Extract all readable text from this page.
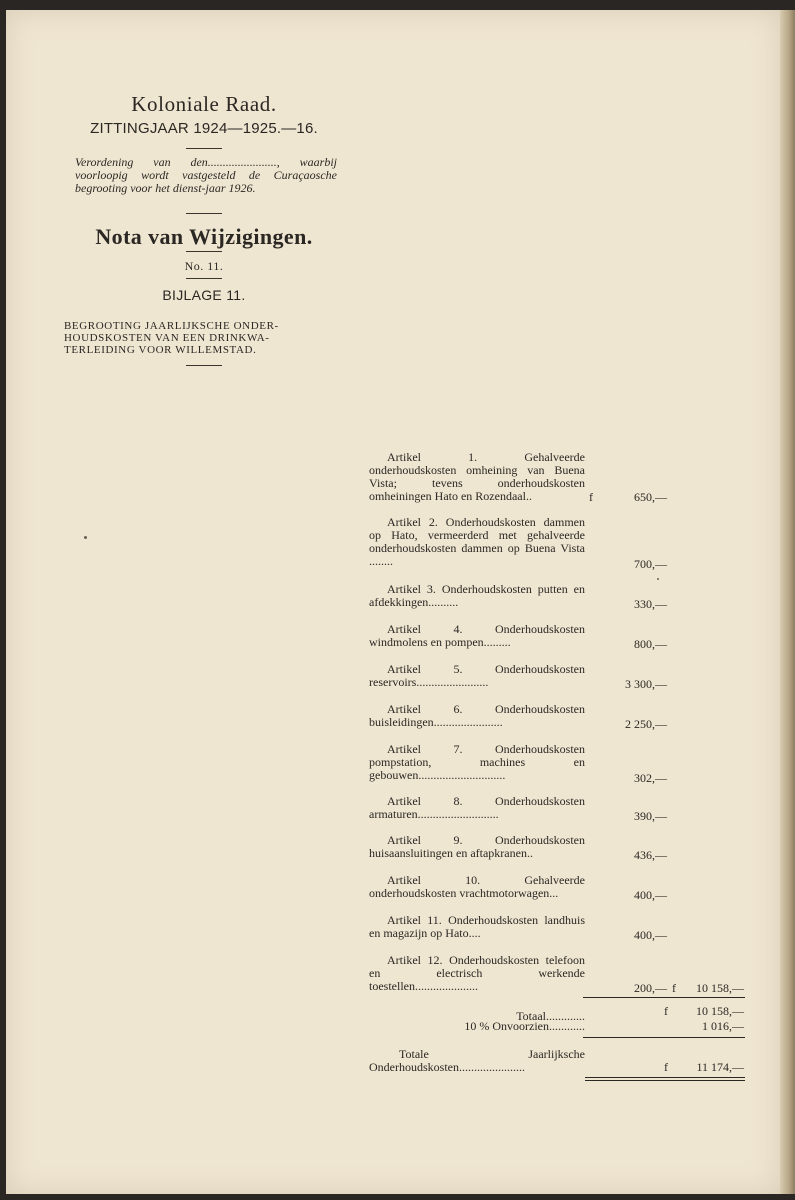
Koloniale Raad.
ZITTINGJAAR 1924—1925.—16.
Verordening van den......................., waarbij voorloopig wordt vastgesteld de Curaçaosche begrooting voor het dienst-jaar 1926.
Nota van Wijzigingen.
No. 11.
BIJLAGE 11.
BEGROOTING JAARLIJKSCHE ONDER-HOUDSKOSTEN VAN EEN DRINKWA-TERLEIDING VOOR WILLEMSTAD.
Artikel 1.	Gehalveerde onderhoudskosten omheining van Buena Vista; tevens onderhoudskosten omheiningen Hato en Rozendaal..	f	650,—
Artikel 2. Onderhoudskosten dammen op Hato, vermeerderd met gehalveerde onderhoudskosten dammen op Buena Vista ........	700,—
Artikel 3. Onderhoudskosten putten en afdekkingen..........	330,—
Artikel 4.	Onderhoudskosten windmolens en pompen.........	800,—
Artikel 5.	Onderhoudskosten reservoirs........................	3 300,—
Artikel 6.	Onderhoudskosten buisleidingen.......................	2 250,—
Artikel 7.	Onderhoudskosten pompstation, machines en gebouwen.............................	302,—
Artikel 8.	Onderhoudskosten armaturen...........................	390,—
Artikel 9.	Onderhoudskosten huisaansluitingen en aftapkranen..	436,—
Artikel 10.	Gehalveerde onderhoudskosten vrachtmotorwagen...	400,—
Artikel 11. Onderhoudskosten landhuis en magazijn op Hato....	400,—
Artikel 12. Onderhoudskosten telefoon en electrisch werkende toestellen.....................	200,— f	10 158,—
Totaal.............	f	10 158,—
10 % Onvoorzien............	1 016,—
Totale Jaarlijksche Onderhoudskosten......................	f	11 174,—
